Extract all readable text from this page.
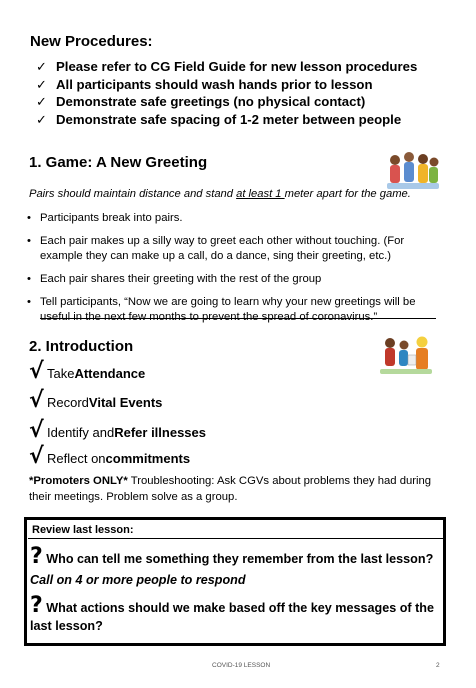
New Procedures:
✓ Please refer to CG Field Guide for new lesson procedures
✓ All participants should wash hands prior to lesson
✓ Demonstrate safe greetings (no physical contact)
✓ Demonstrate safe spacing of 1-2 meter between people
1. Game: A New Greeting
Pairs should maintain distance and stand at least 1 meter apart for the game.
• Participants break into pairs.
• Each pair makes up a silly way to greet each other without touching. (For example they can make up a call, do a dance, sing their greeting, etc.)
• Each pair shares their greeting with the rest of the group
• Tell participants, “Now we are going to learn why your new greetings will be useful in the next few months to prevent the spread of coronavirus.”
2. Introduction
√ Take Attendance
√ Record Vital Events
√ Identify and Refer illnesses
√ Reflect on commitments
*Promoters ONLY* Troubleshooting: Ask CGVs about problems they had during their meetings. Problem solve as a group.
Review last lesson:
? Who can tell me something they remember from the last lesson?
Call on 4 or more people to respond
? What actions should we make based off the key messages of the last lesson?
COVID-19 LESSON	2
